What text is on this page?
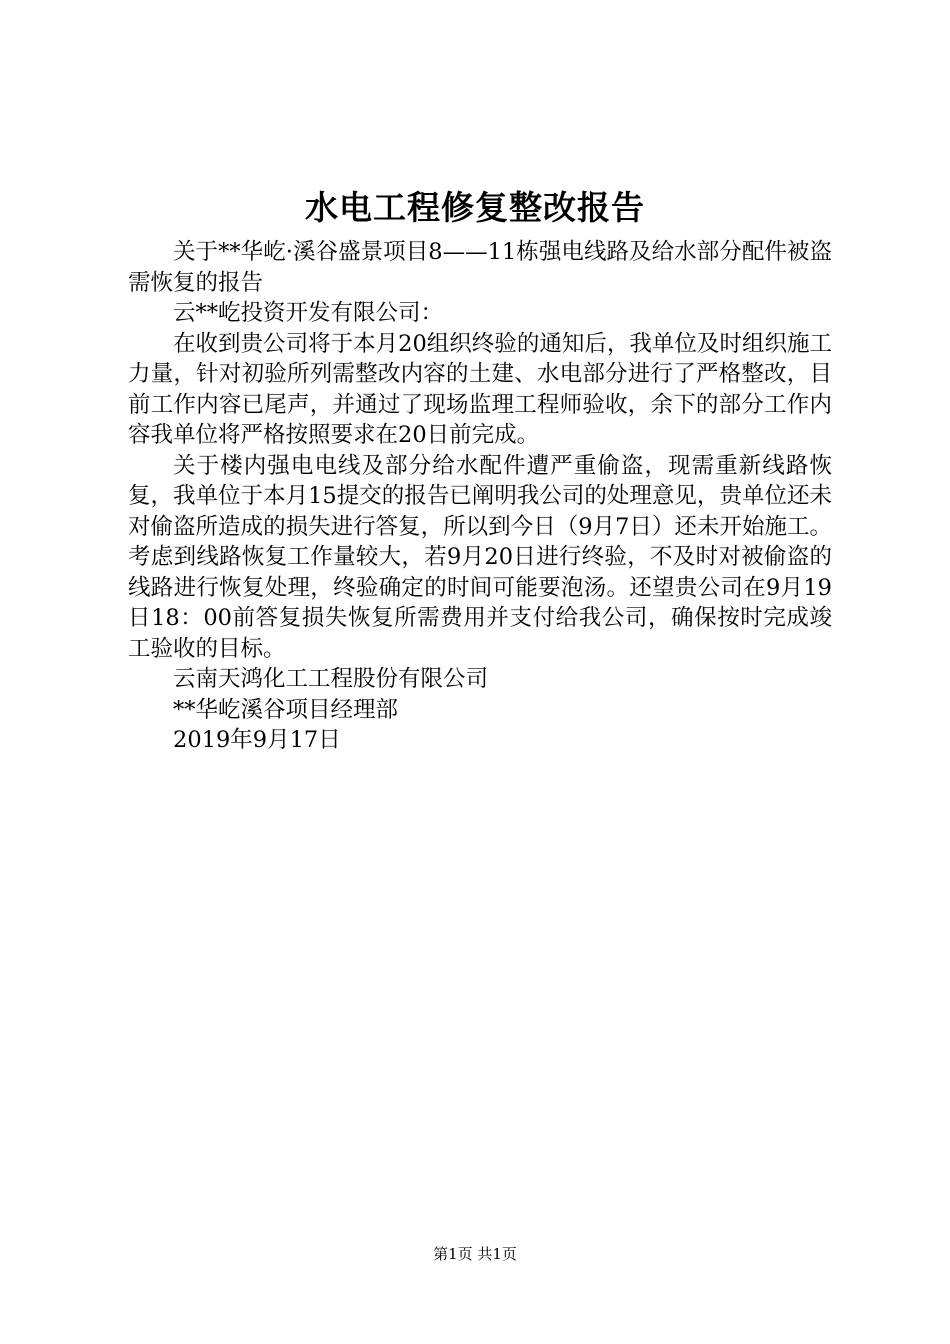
水电工程修复整改报告

关于**华屹·溪谷盛景项目8——11栋强电线路及给水部分配件被盗需恢复的报告

云**屹投资开发有限公司：

在收到贵公司将于本月20组织终验的通知后，我单位及时组织施工力量，针对初验所列需整改内容的土建、水电部分进行了严格整改，目前工作内容已尾声，并通过了现场监理工程师验收，余下的部分工作内容我单位将严格按照要求在20日前完成。

关于楼内强电电线及部分给水配件遭严重偷盗，现需重新线路恢复，我单位于本月15提交的报告已阐明我公司的处理意见，贵单位还未对偷盗所造成的损失进行答复，所以到今日（9月7日）还未开始施工。考虑到线路恢复工作量较大，若9月20日进行终验，不及时对被偷盗的线路进行恢复处理，终验确定的时间可能要泡汤。还望贵公司在9月19日18：00前答复损失恢复所需费用并支付给我公司，确保按时完成竣工验收的目标。

云南天鸿化工工程股份有限公司

**华屹溪谷项目经理部

2019年9月17日

第1页 共1页
